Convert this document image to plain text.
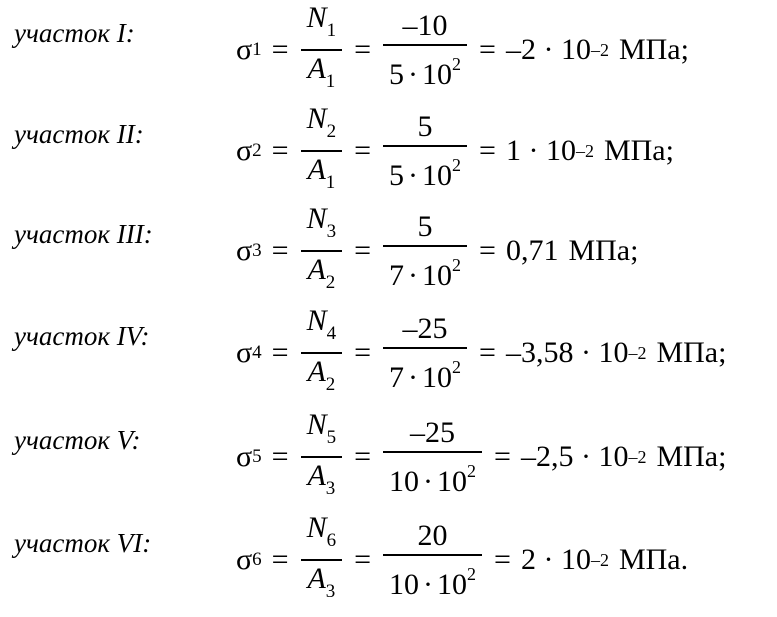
участок I:	σ $1 = \frac{N_1}{A_1} = \frac{-10}{5 \cdot 10^2} = -2 \cdot 10$ –2 МПа;
участок II:	σ $2 = \frac{N_2}{A_1} = \frac{5}{5 \cdot 10^2} = 1 \cdot 10$ –2 МПа;
участок III:	σ $3 = \frac{N_3}{A_2} = \frac{5}{7 \cdot 10^2} = 0,71$ МПа;
участок IV:	σ $4 = \frac{N_4}{A_2} = \frac{-25}{7 \cdot 10^2} = -3,58 \cdot 10$ –2 МПа;
участок V:	σ $5 = \frac{N_5}{A_3} = \frac{-25}{10 \cdot 10^2} = -2,5 \cdot 10$ –2 МПа;
участок VI:	σ $6 = \frac{N_6}{A_3} = \frac{20}{10 \cdot 10^2} = 2 \cdot 10$ –2 МПа.
